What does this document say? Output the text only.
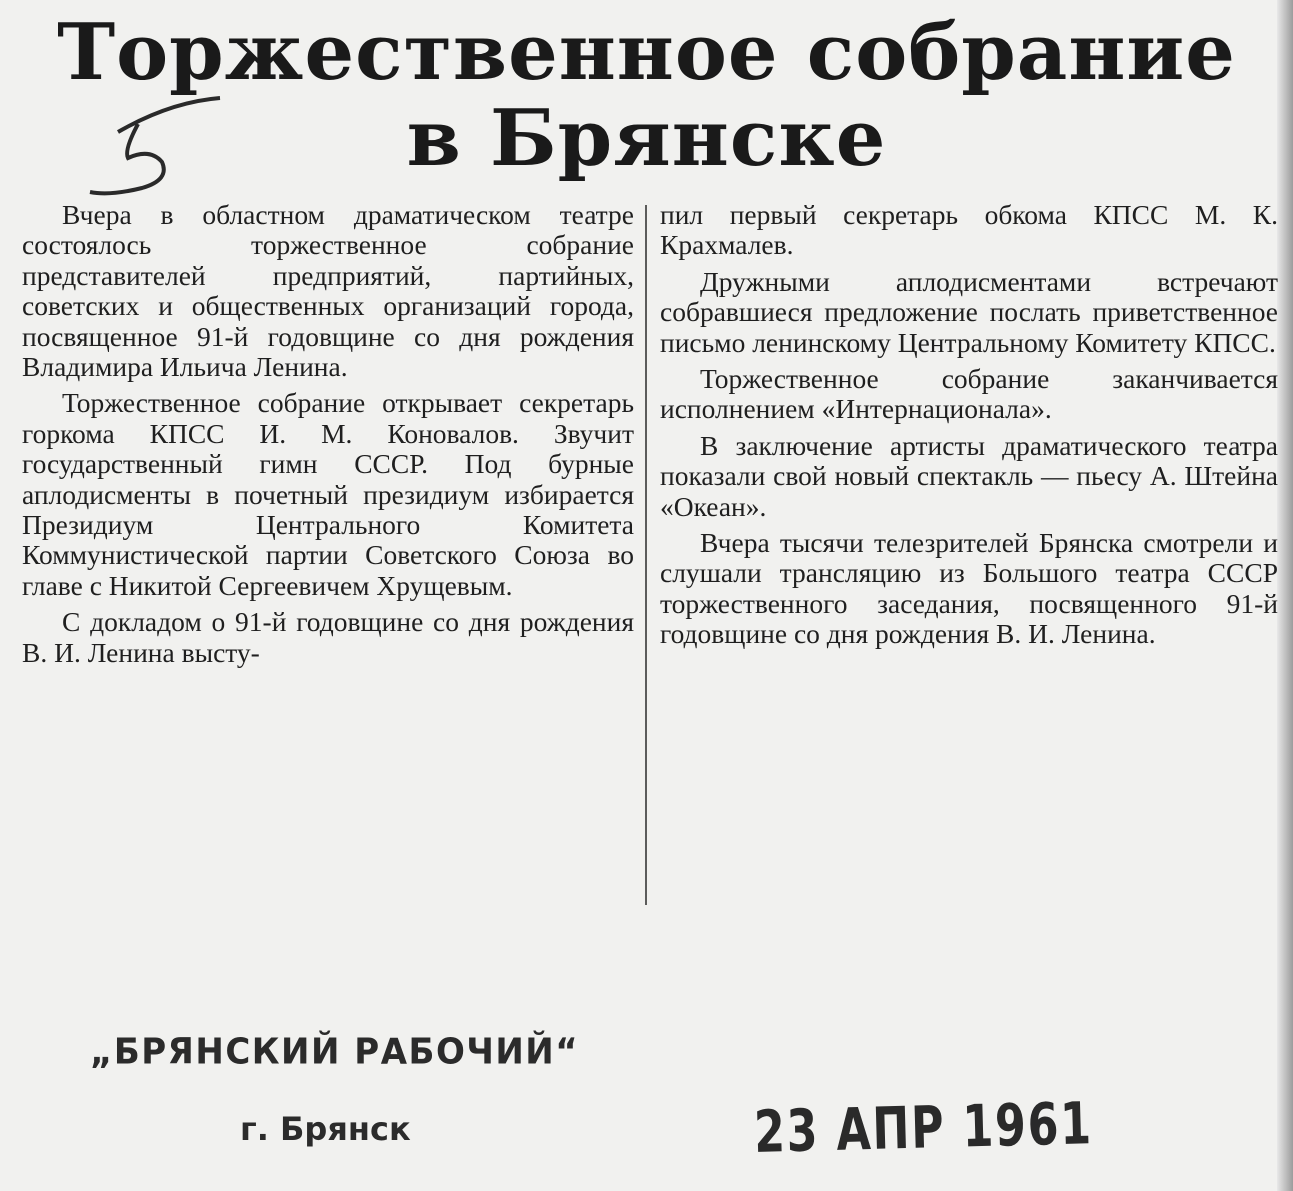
Торжественное собрание
в Брянске

Вчера в областном драматическом театре состоялось торжественное собрание представителей предприятий, партийных, советских и общественных организаций города, посвященное 91-й годовщине со дня рождения Владимира Ильича Ленина.

Торжественное собрание открывает секретарь горкома КПСС И. М. Коновалов. Звучит государственный гимн СССР. Под бурные аплодисменты в почетный президиум избирается Президиум Центрального Комитета Коммунистической партии Советского Союза во главе с Никитой Сергеевичем Хрущевым.

С докладом о 91-й годовщине со дня рождения В. И. Ленина высту-

пил первый секретарь обкома КПСС М. К. Крахмалев.

Дружными аплодисментами встречают собравшиеся предложение послать приветственное письмо ленинскому Центральному Комитету КПСС.

Торжественное собрание заканчивается исполнением «Интернационала».

В заключение артисты драматического театра показали свой новый спектакль — пьесу А. Штейна «Океан».

Вчера тысячи телезрителей Брянска смотрели и слушали трансляцию из Большого театра СССР торжественного заседания, посвященного 91-й годовщине со дня рождения В. И. Ленина.

„БРЯНСКИЙ РАБОЧИЙ“
г. Брянск	23 АПР 1961
